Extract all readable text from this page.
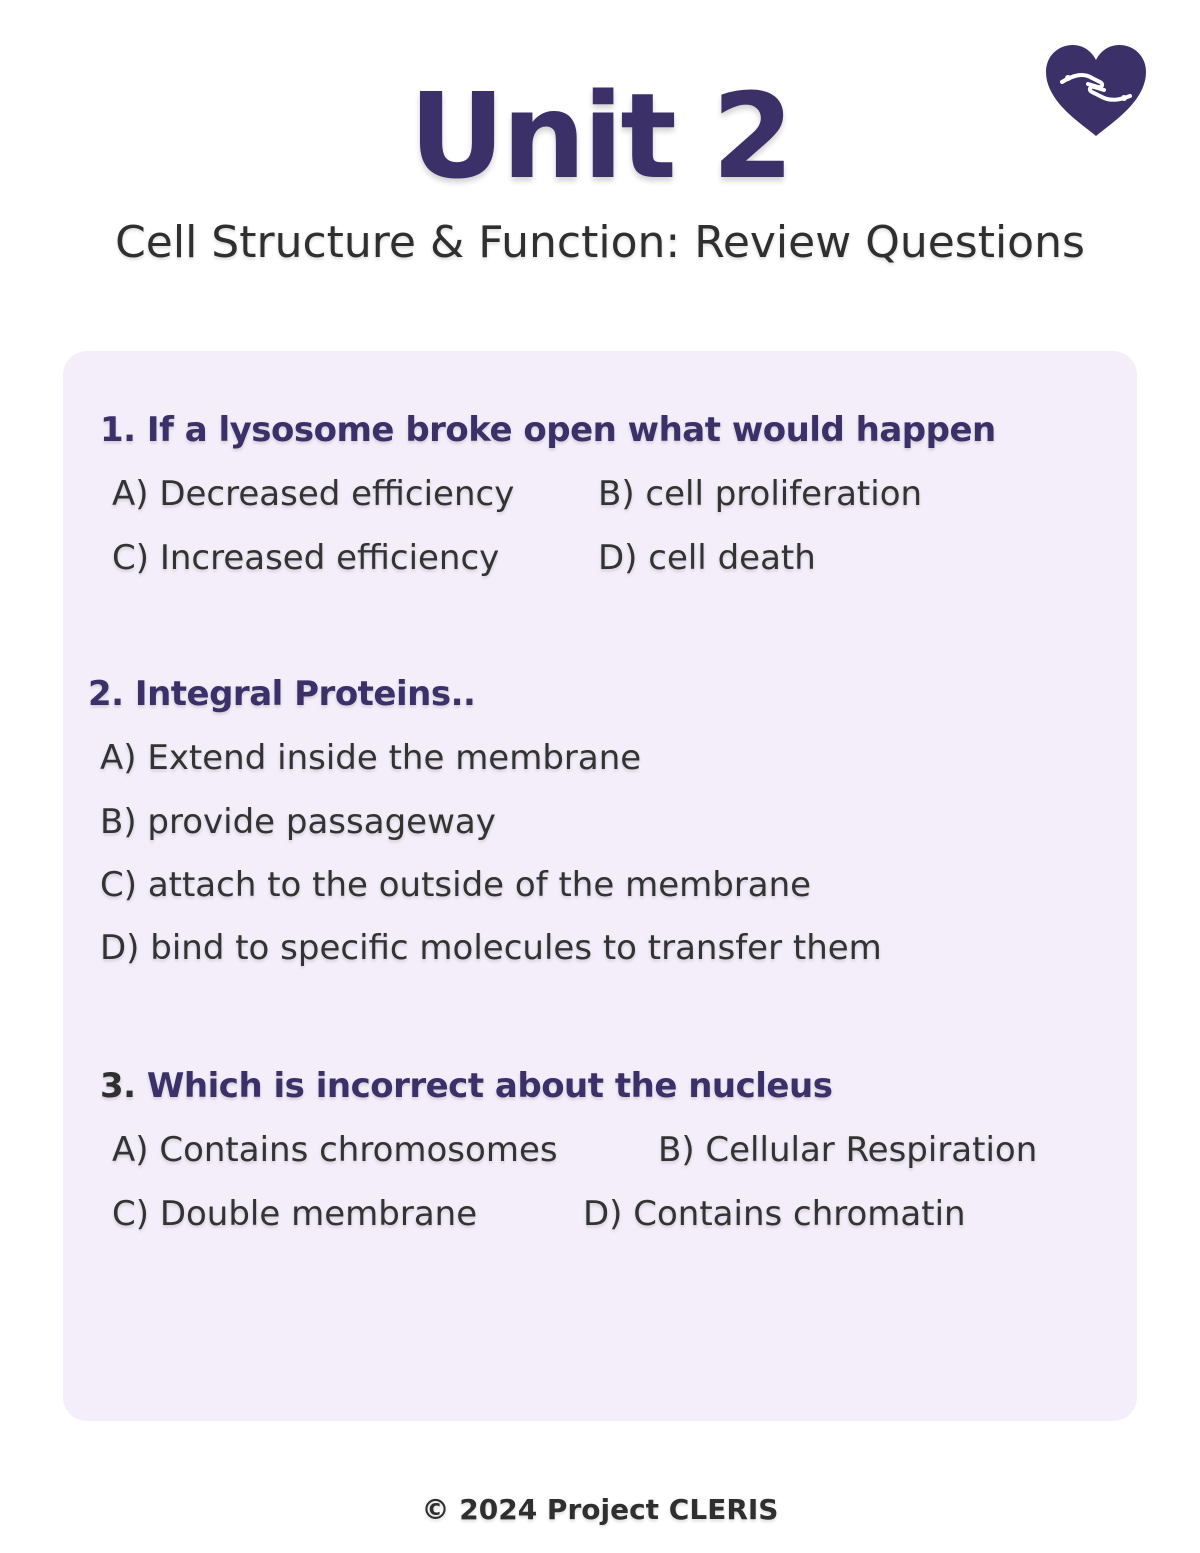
Unit 2
Cell Structure & Function: Review Questions
1. If a lysosome broke open what would happen
A) Decreased efficiency B) cell proliferation
C) Increased efficiency	D) cell death
2. Integral Proteins..
A) Extend inside the membrane
B) provide passageway
C) attach to the outside of the membrane
D) bind to specific molecules to transfer them
3. Which is incorrect about the nucleus
A) Contains chromosomes	B) Cellular Respiration
C) Double membrane	D) Contains chromatin
© 2024 Project CLERIS
